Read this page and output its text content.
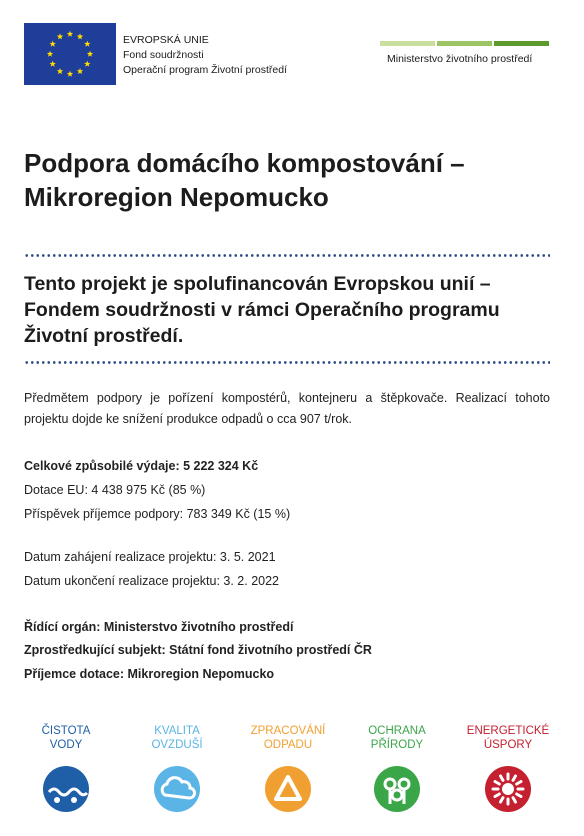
EVROPSKÁ UNIE
Fond soudržnosti
Operační program Životní prostředí
Ministerstvo životního prostředí
Podpora domácího kompostování –
Mikroregion Nepomucko
Tento projekt je spolufinancován Evropskou unií – Fondem soudržnosti v rámci Operačního programu Životní prostředí.
Předmětem podpory je pořízení kompostérů, kontejneru a štěpkovače. Realizací tohoto projektu dojde ke snížení produkce odpadů o cca 907 t/rok.
Celkové způsobilé výdaje: 5 222 324 Kč
Dotace EU: 4 438 975 Kč (85 %)
Příspěvek příjemce podpory: 783 349 Kč (15 %)
Datum zahájení realizace projektu: 3. 5. 2021
Datum ukončení realizace projektu: 3. 2. 2022
Řídící orgán: Ministerstvo životního prostředí
Zprostředkující subjekt: Státní fond životního prostředí ČR
Příjemce dotace: Mikroregion Nepomucko
ČISTOTA
VODY
KVALITA
OVZDUŠÍ
ZPRACOVÁNÍ
ODPADU
OCHRANA
PŘÍRODY
ENERGETICKÉ
ÚSPORY
